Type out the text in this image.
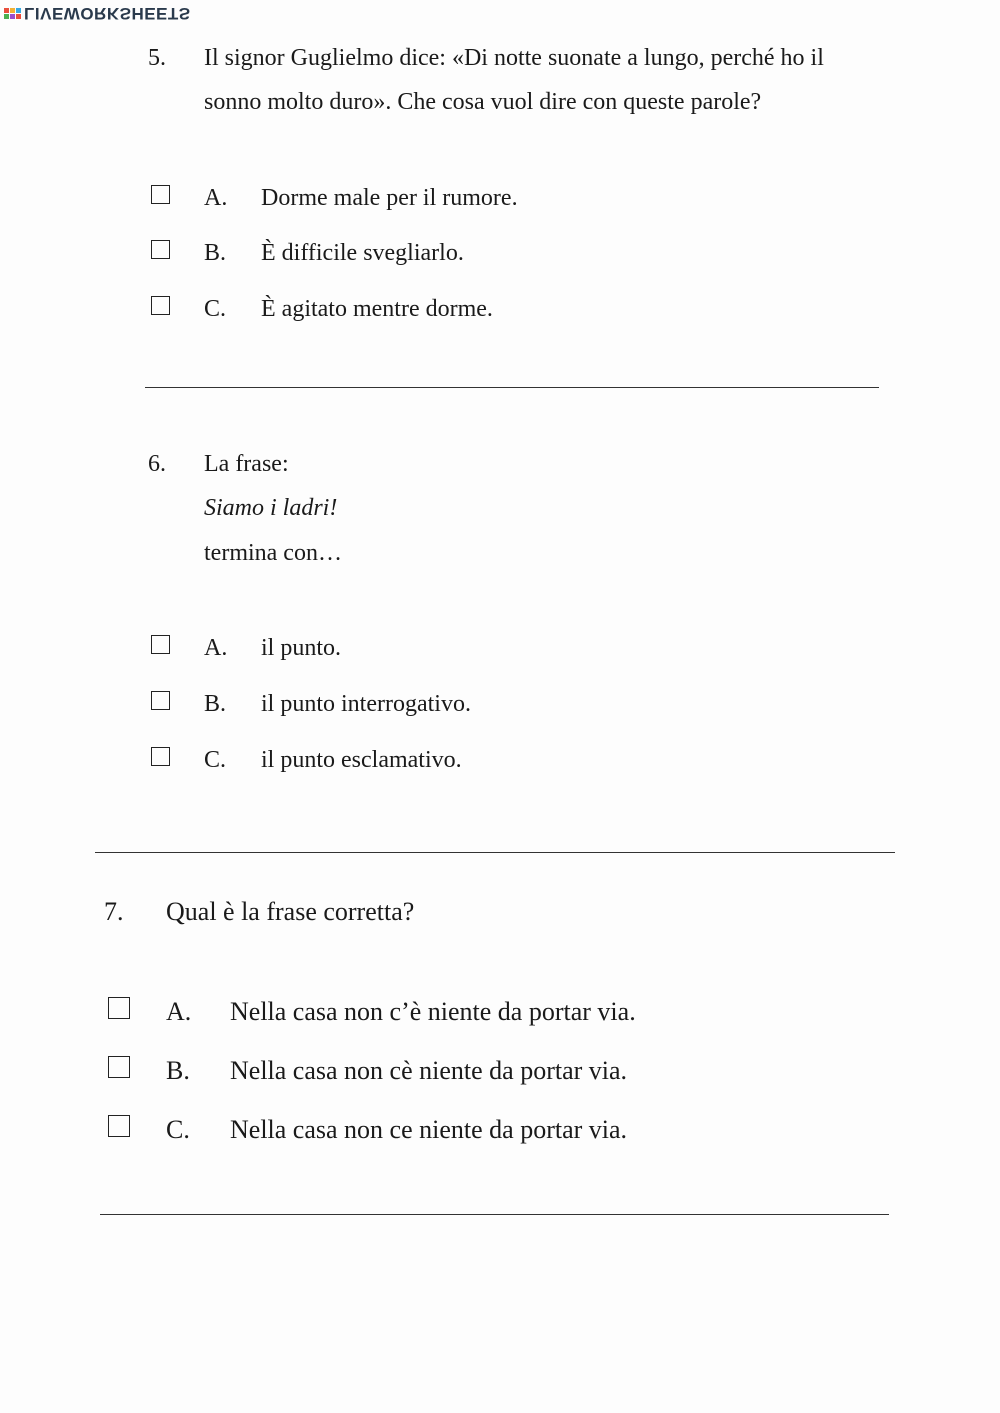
LIVEWORKSHEETS
5. Il signor Guglielmo dice: «Di notte suonate a lungo, perché ho il
sonno molto duro». Che cosa vuol dire con queste parole?
A. Dorme male per il rumore.
B. È difficile svegliarlo.
C. È agitato mentre dorme.
6. La frase:
Siamo i ladri!
termina con…
A. il punto.
B. il punto interrogativo.
C. il punto esclamativo.
7. Qual è la frase corretta?
A. Nella casa non c’è niente da portar via.
B. Nella casa non cè niente da portar via.
C. Nella casa non ce niente da portar via.
